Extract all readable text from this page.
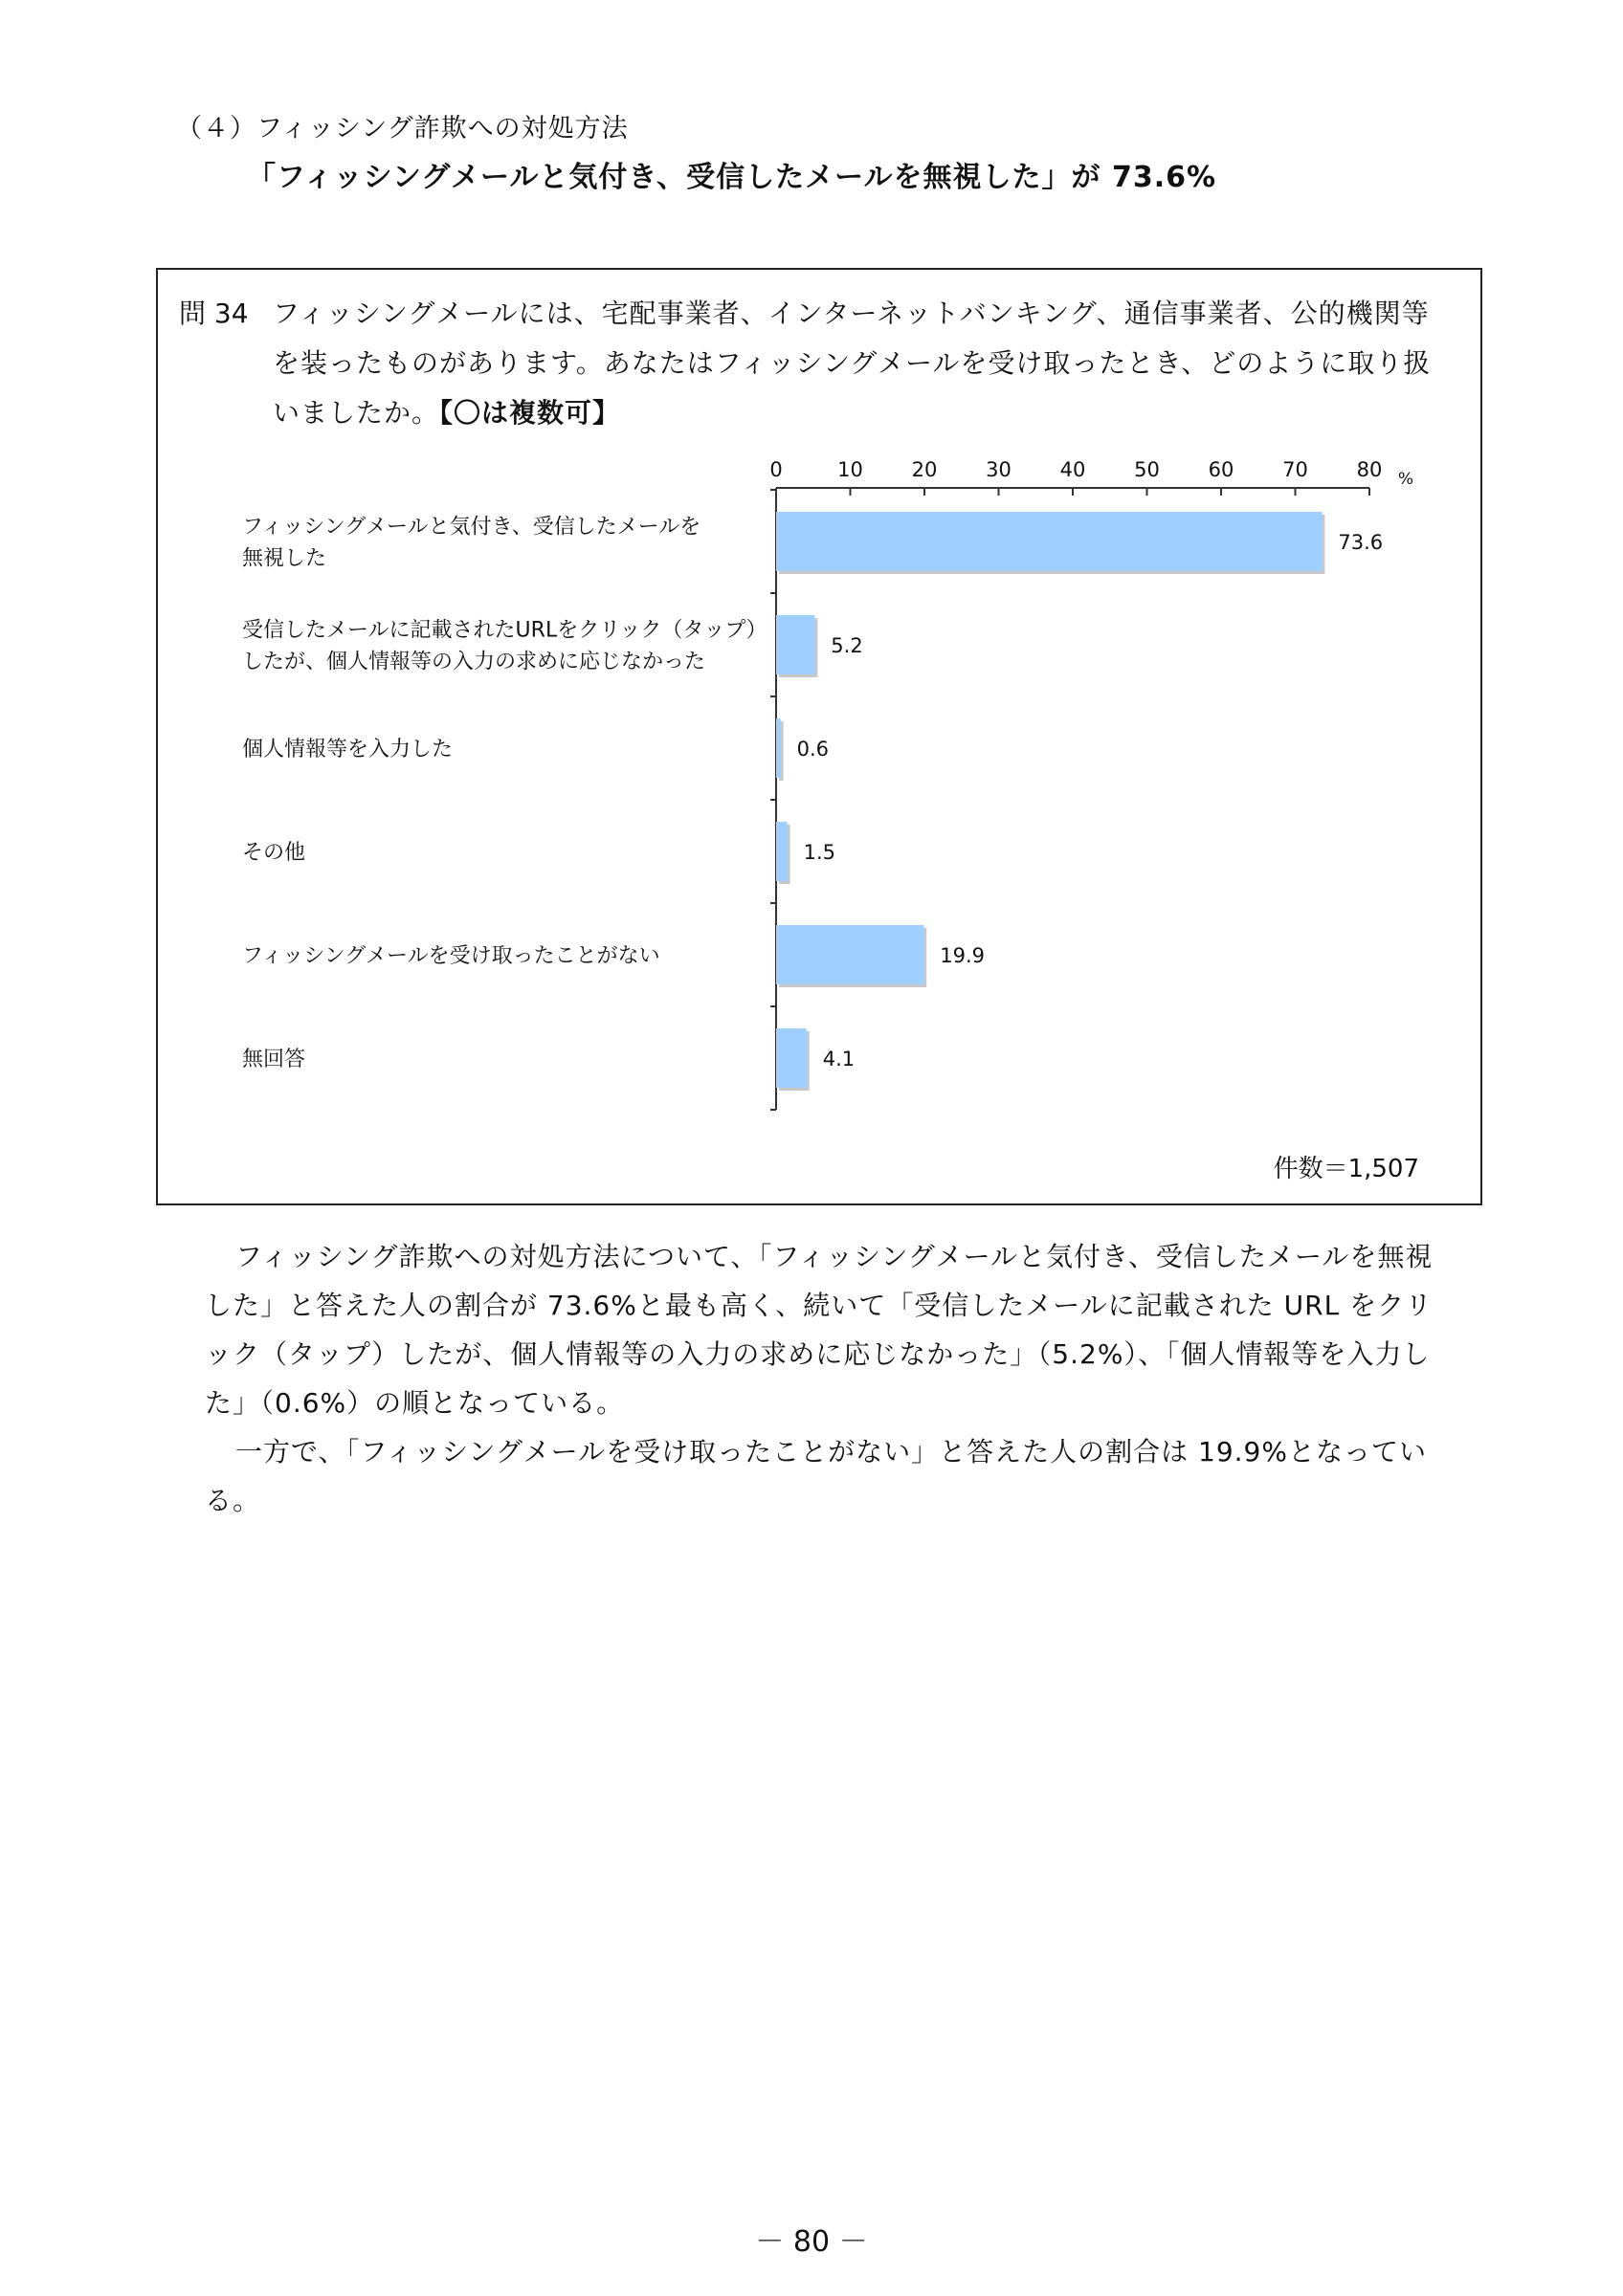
（４）フィッシング詐欺への対処方法
「フィッシングメールと気付き、受信したメールを無視した」が 73.6%
問 34 フィッシングメールには、宅配事業者、インターネットバンキング、通信事業者、公的機関等
を装ったものがあります。あなたはフィッシングメールを受け取ったとき、どのように取り扱
いましたか。【〇は複数可】
0	10 20 30 40 50 60 70 80 %
73.6
フィッシングメールと気付き、受信したメールを
無視した
5.2
受信したメールに記載されたURLをクリック（タップ）
したが、個人情報等の入力の求めに応じなかった
0.6
個人情報等を入力した
1.5
その他
19.9
フィッシングメールを受け取ったことがない
4.1
無回答
件数＝1,507

フィッシング詐欺への対処方法について、「フィッシングメールと気付き、受信したメールを無視した」と答えた人の割合が 73.6%と最も高く、続いて「受信したメールに記載された URL をクリック（タップ）したが、個人情報等の入力の求めに応じなかった」（5.2%）、「個人情報等を入力した」（0.6%）の順となっている。

一方で、「フィッシングメールを受け取ったことがない」と答えた人の割合は 19.9%となっている。

－ 80 －
